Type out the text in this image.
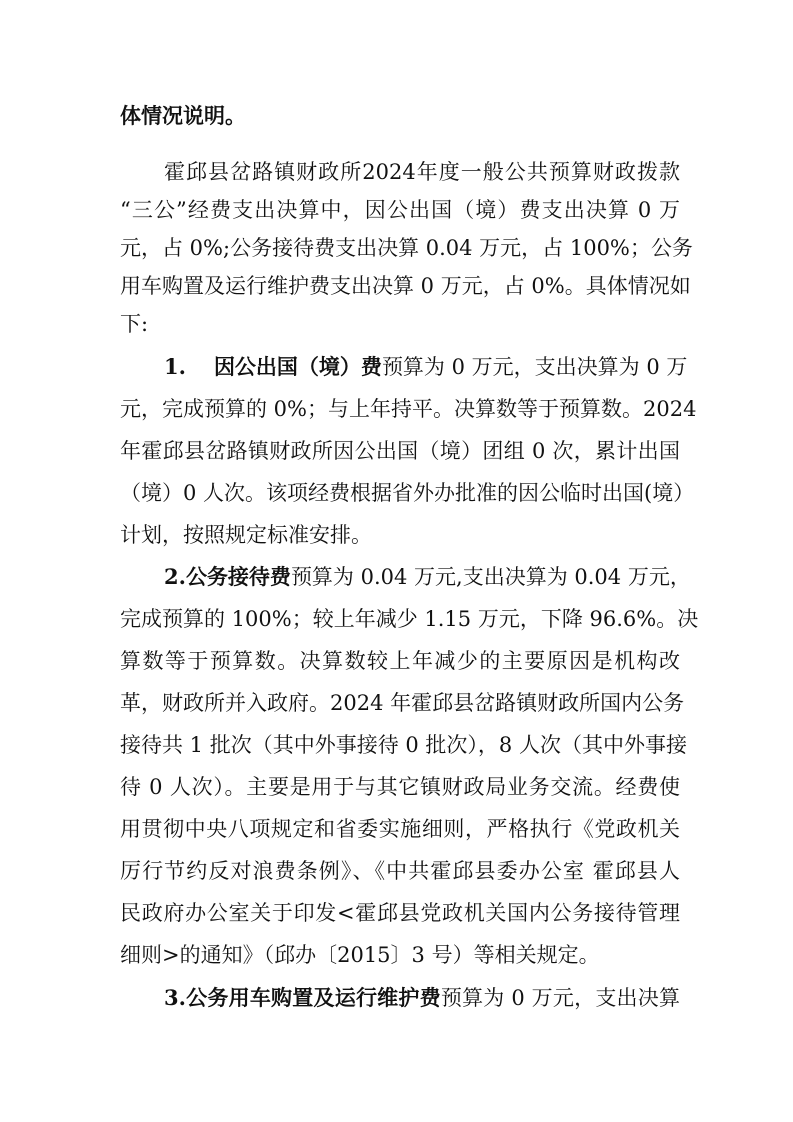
体情况说明。
霍邱县岔路镇财政所2024年度一般公共预算财政拨款
“三公”经费支出决算中，因公出国（境）费支出决算 0 万
元，占 0%;公务接待费支出决算 0.04 万元，占 100%；公务
用车购置及运行维护费支出决算 0 万元，占 0%。具体情况如
下:
1. 因公出国（境）费预算为 0 万元，支出决算为 0 万
元，完成预算的 0%；与上年持平。决算数等于预算数。2024
年霍邱县岔路镇财政所因公出国（境）团组 0 次，累计出国
（境）0 人次。该项经费根据省外办批准的因公临时出国(境）
计划，按照规定标准安排。
2.公务接待费预算为 0.04 万元,支出决算为 0.04 万元，
完成预算的 100%；较上年减少 1.15 万元，下降 96.6%。决
算数等于预算数。决算数较上年减少的主要原因是机构改
革，财政所并入政府。2024 年霍邱县岔路镇财政所国内公务
接待共 1 批次（其中外事接待 0 批次），8 人次（其中外事接
待 0 人次）。主要是用于与其它镇财政局业务交流。经费使
用贯彻中央八项规定和省委实施细则，严格执行《党政机关
厉行节约反对浪费条例》、《中共霍邱县委办公室 霍邱县人
民政府办公室关于印发<霍邱县党政机关国内公务接待管理
细则>的通知》（邱办〔2015〕3 号）等相关规定。
3.公务用车购置及运行维护费预算为 0 万元，支出决算
